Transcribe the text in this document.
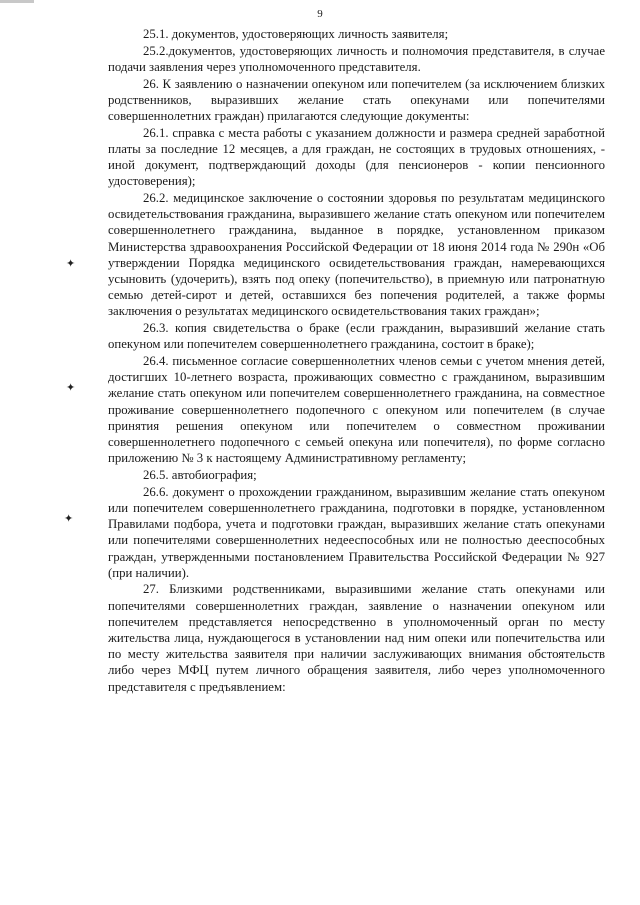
9

25.1. документов, удостоверяющих личность заявителя;

25.2.документов, удостоверяющих личность и полномочия представителя, в случае подачи заявления через уполномоченного представителя.

26. К заявлению о назначении опекуном или попечителем (за исключением близких родственников, выразивших желание стать опекунами или попечителями совершеннолетних граждан) прилагаются следующие документы:

26.1. справка с места работы с указанием должности и размера средней заработной платы за последние 12 месяцев, а для граждан, не состоящих в трудовых отношениях, - иной документ, подтверждающий доходы (для пенсионеров - копии пенсионного удостоверения);

26.2. медицинское заключение о состоянии здоровья по результатам медицинского освидетельствования гражданина, выразившего желание стать опекуном или попечителем совершеннолетнего гражданина, выданное в порядке, установленном приказом Министерства здравоохранения Российской Федерации от 18 июня 2014 года № 290н «Об утверждении Порядка медицинского освидетельствования граждан, намеревающихся усыновить (удочерить), взять под опеку (попечительство), в приемную или патронатную семью детей-сирот и детей, оставшихся без попечения родителей, а также формы заключения о результатах медицинского освидетельствования таких граждан»;

26.3. копия свидетельства о браке (если гражданин, выразивший желание стать опекуном или попечителем совершеннолетнего гражданина, состоит в браке);

26.4. письменное согласие совершеннолетних членов семьи с учетом мнения детей, достигших 10-летнего возраста, проживающих совместно с гражданином, выразившим желание стать опекуном или попечителем совершеннолетнего гражданина, на совместное проживание совершеннолетнего подопечного с опекуном или попечителем (в случае принятия решения опекуном или попечителем о совместном проживании совершеннолетнего подопечного с семьей опекуна или попечителя), по форме согласно приложению № 3 к настоящему Административному регламенту;

26.5. автобиография;

26.6. документ о прохождении гражданином, выразившим желание стать опекуном или попечителем совершеннолетнего гражданина, подготовки в порядке, установленном Правилами подбора, учета и подготовки граждан, выразивших желание стать опекунами или попечителями совершеннолетних недееспособных или не полностью дееспособных граждан, утвержденными постановлением Правительства Российской Федерации № 927 (при наличии).

27. Близкими родственниками, выразившими желание стать опекунами или попечителями совершеннолетних граждан, заявление о назначении опекуном или попечителем представляется непосредственно в уполномоченный орган по месту жительства лица, нуждающегося в установлении над ним опеки или попечительства или по месту жительства заявителя при наличии заслуживающих внимания обстоятельств либо через МФЦ путем личного обращения заявителя, либо через уполномоченного представителя с предъявлением:

✦
✦
✦
